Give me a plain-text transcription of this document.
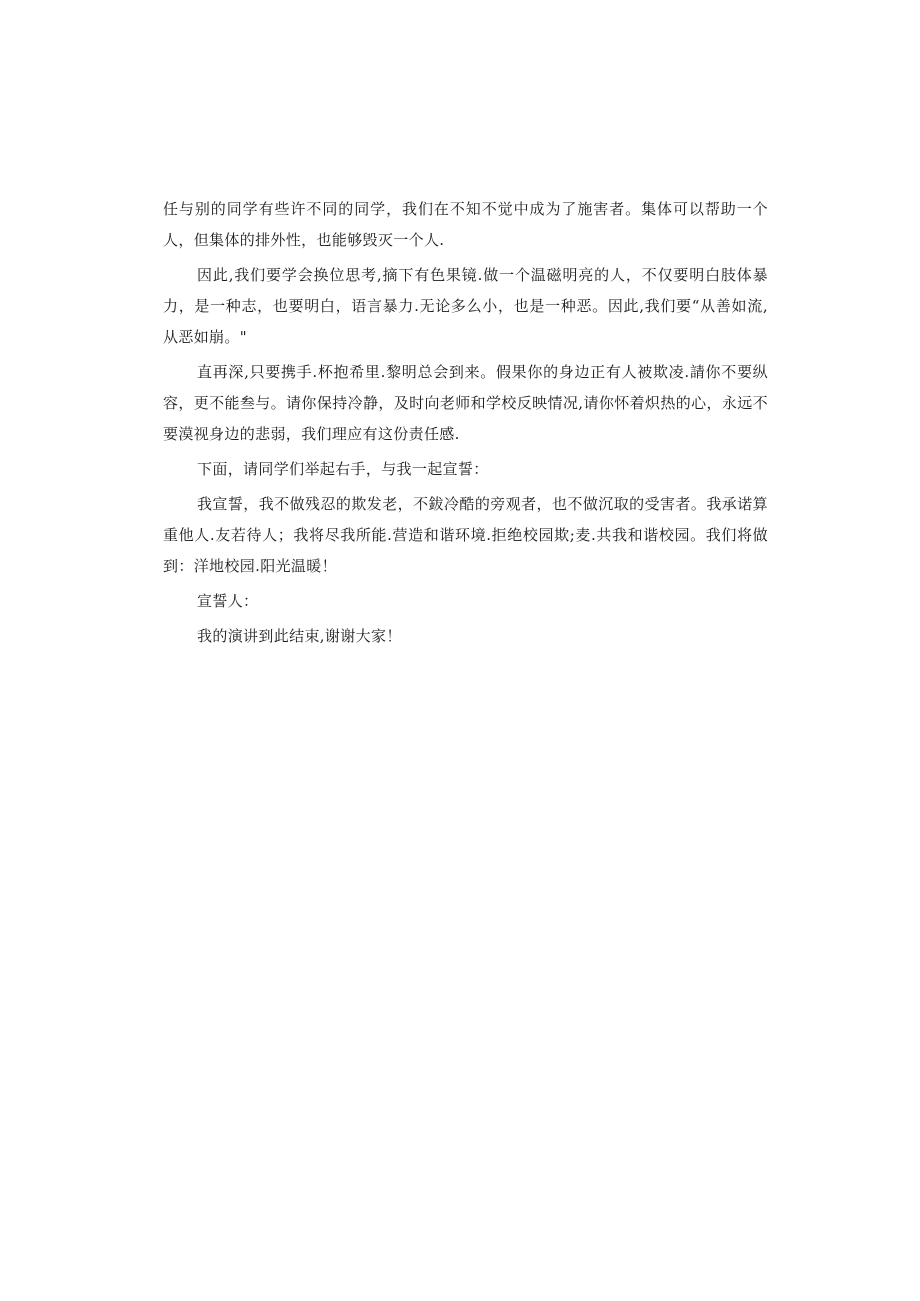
任与别的同学有些许不同的同学，我们在不知不觉中成为了施害者。集体可以帮助一个人，但集体的排外性，也能够毁灭一个人.

因此,我们要学会换位思考,摘下有色果镜.做一个温磁明亮的人，不仅要明白肢体暴力，是一种志，也要明白，语言暴力.无论多么小，也是一种恶。因此,我们要“从善如流,从恶如崩。"

直再深,只要携手.杯抱希里.黎明总会到来。假果你的身边正有人被欺凌.請你不要纵容，更不能叁与。请你保持冷静，及时向老师和学校反映情况,请你怀着炽热的心，永远不要漠视身边的悲弱，我们理应有这份责任感.

下面，请同学们举起右手，与我一起宣誓：

我宣誓，我不做残忍的欺发老，不鈸冷酷的旁观者，也不做沉取的受害者。我承诺算重他人.友若待人；我将尽我所能.营造和谐环境.拒绝校园欺;麦.共我和谐校园。我们将做到：洋地校园.阳光温暖！

宣誓人：

我的演讲到此结束,谢谢大家！
